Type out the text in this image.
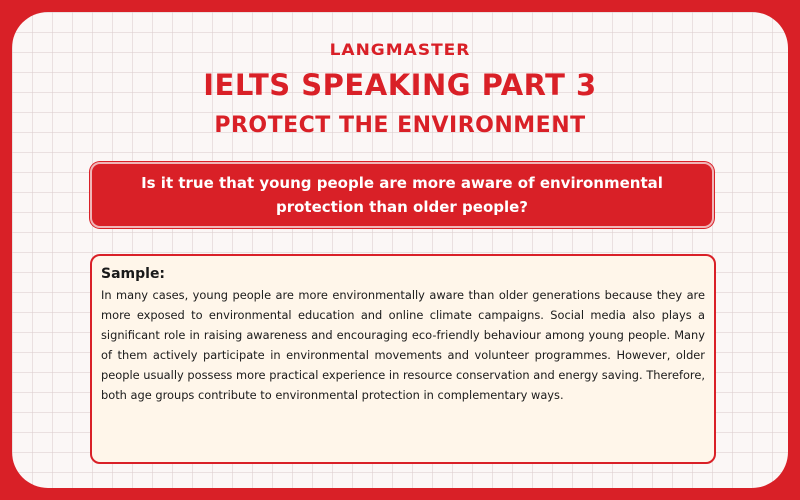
LANGMASTER
IELTS SPEAKING PART 3
PROTECT THE ENVIRONMENT
Is it true that young people are more aware of environmental protection than older people?
Sample:
In many cases, young people are more environmentally aware than older generations because they are more exposed to environmental education and online climate campaigns. Social media also plays a significant role in raising awareness and encouraging eco-friendly behaviour among young people. Many of them actively participate in environmental movements and volunteer programmes. However, older people usually possess more practical experience in resource conservation and energy saving. Therefore, both age groups contribute to environmental protection in complementary ways.
